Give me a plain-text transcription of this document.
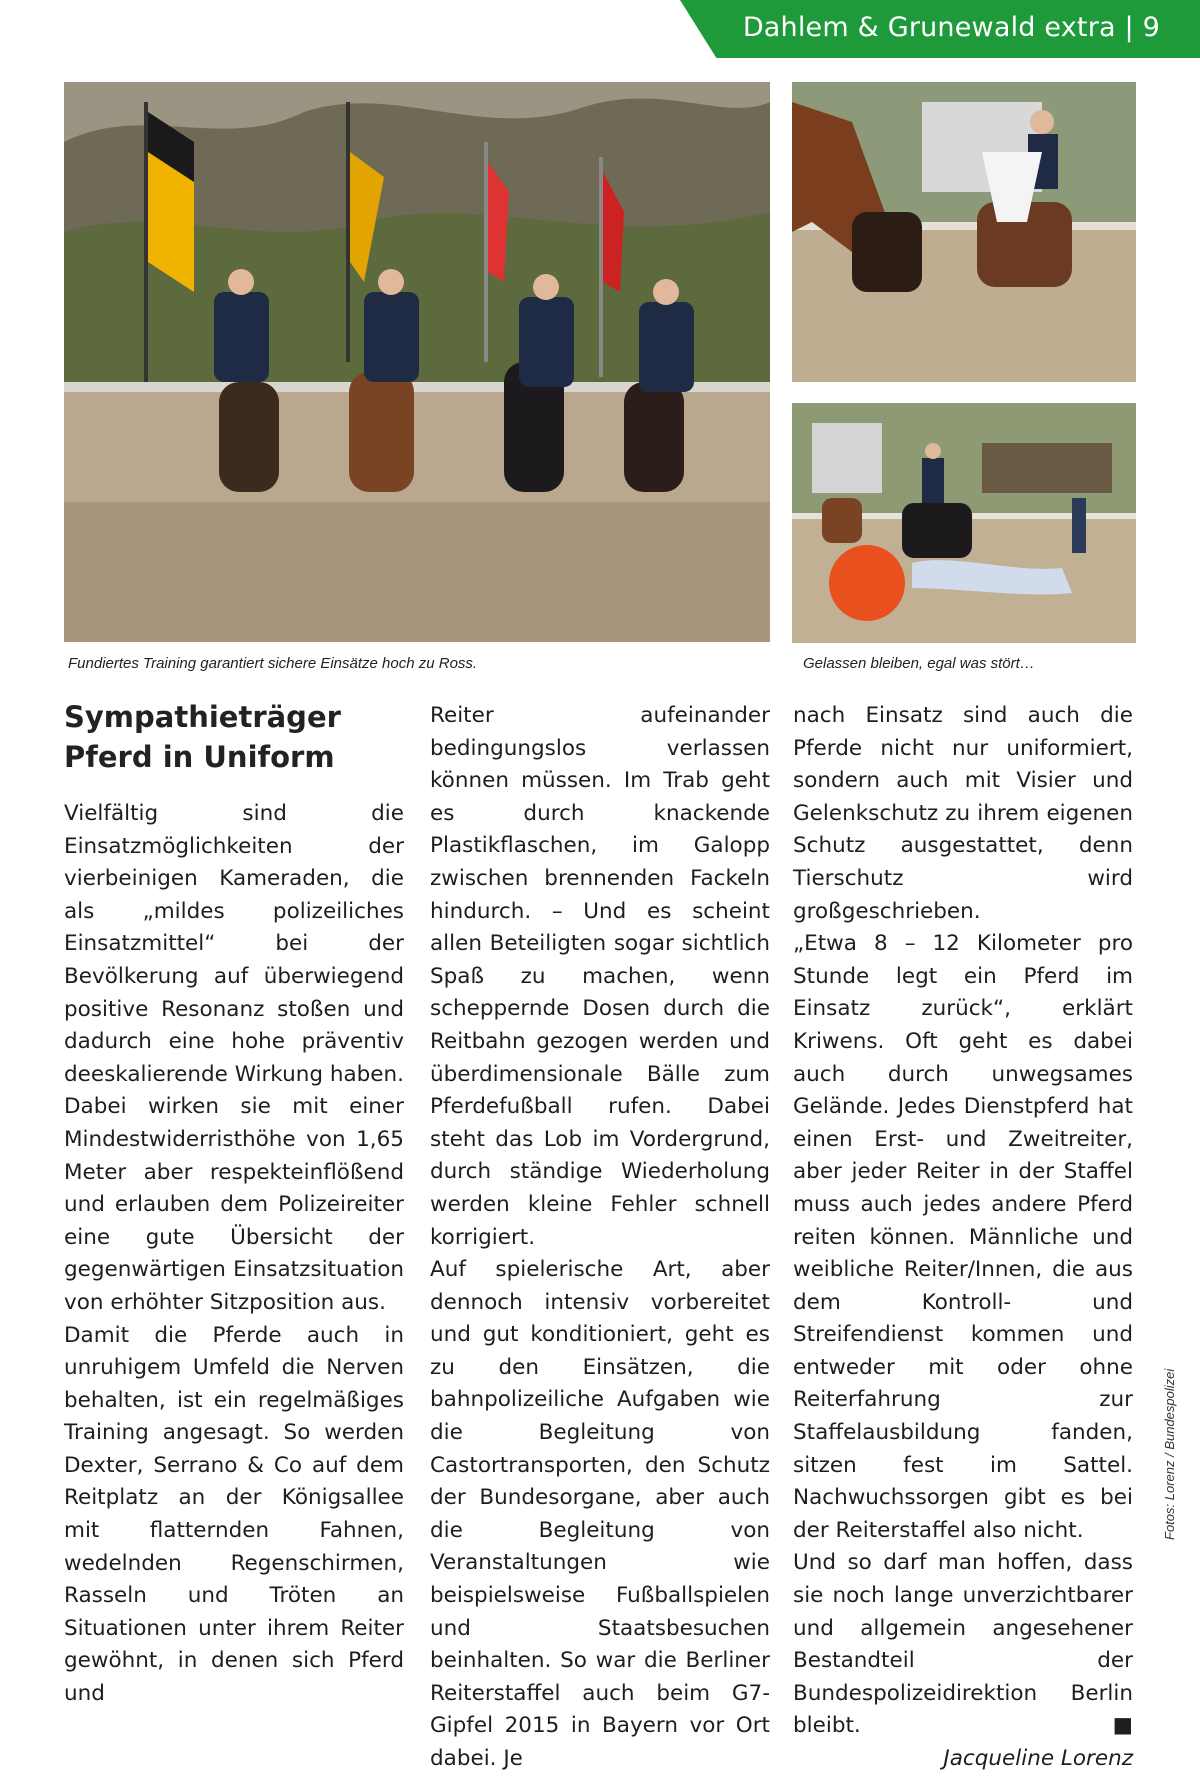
Dahlem & Grunewald extra | 9
Fundiertes Training garantiert sichere Einsätze hoch zu Ross.	Gelassen bleiben, egal was stört…
Sympathieträger
Pferd in Uniform

Vielfältig sind die Einsatzmöglichkeiten der vierbeinigen Kameraden, die als „mildes polizeiliches Einsatzmittel“ bei der Bevölkerung auf überwiegend positive Resonanz stoßen und dadurch eine hohe präventiv deeskalierende Wirkung haben. Dabei wirken sie mit einer Mindestwiderristhöhe von 1,65 Meter aber respekteinflößend und erlauben dem Polizeireiter eine gute Übersicht der gegenwärtigen Einsatzsituation von erhöhter Sitzposition aus.

Damit die Pferde auch in unruhigem Umfeld die Nerven behalten, ist ein regelmäßiges Training angesagt. So werden Dexter, Serrano & Co auf dem Reitplatz an der Königsallee mit flatternden Fahnen, wedelnden Regenschirmen, Rasseln und Tröten an Situationen unter ihrem Reiter gewöhnt, in denen sich Pferd und

Reiter aufeinander bedingungslos verlassen können müssen. Im Trab geht es durch knackende Plastikflaschen, im Galopp zwischen brennenden Fackeln hindurch. – Und es scheint allen Beteiligten sogar sichtlich Spaß zu machen, wenn scheppernde Dosen durch die Reitbahn gezogen werden und überdimensionale Bälle zum Pferdefußball rufen. Dabei steht das Lob im Vordergrund, durch ständige Wiederholung werden kleine Fehler schnell korrigiert.

Auf spielerische Art, aber dennoch intensiv vorbereitet und gut konditioniert, geht es zu den Einsätzen, die bahnpolizeiliche Aufgaben wie die Begleitung von Castortransporten, den Schutz der Bundesorgane, aber auch die Begleitung von Veranstaltungen wie beispielsweise Fußballspielen und Staatsbesuchen beinhalten. So war die Berliner Reiterstaffel auch beim G7-Gipfel 2015 in Bayern vor Ort dabei. Je

nach Einsatz sind auch die Pferde nicht nur uniformiert, sondern auch mit Visier und Gelenkschutz zu ihrem eigenen Schutz ausgestattet, denn Tierschutz wird großgeschrieben.

„Etwa 8 – 12 Kilometer pro Stunde legt ein Pferd im Einsatz zurück“, erklärt Kriwens. Oft geht es dabei auch durch unwegsames Gelände. Jedes Dienstpferd hat einen Erst- und Zweitreiter, aber jeder Reiter in der Staffel muss auch jedes andere Pferd reiten können. Männliche und weibliche Reiter/Innen, die aus dem Kontroll- und Streifendienst kommen und entweder mit oder ohne Reiterfahrung zur Staffelausbildung fanden, sitzen fest im Sattel. Nachwuchssorgen gibt es bei der Reiterstaffel also nicht.

Und so darf man hoffen, dass sie noch lange unverzichtbarer und allgemein angesehener Bestandteil der Bundespolizeidirektion Berlin bleibt.	■

Jacqueline Lorenz

Fotos: Lorenz / Bundespolizei
